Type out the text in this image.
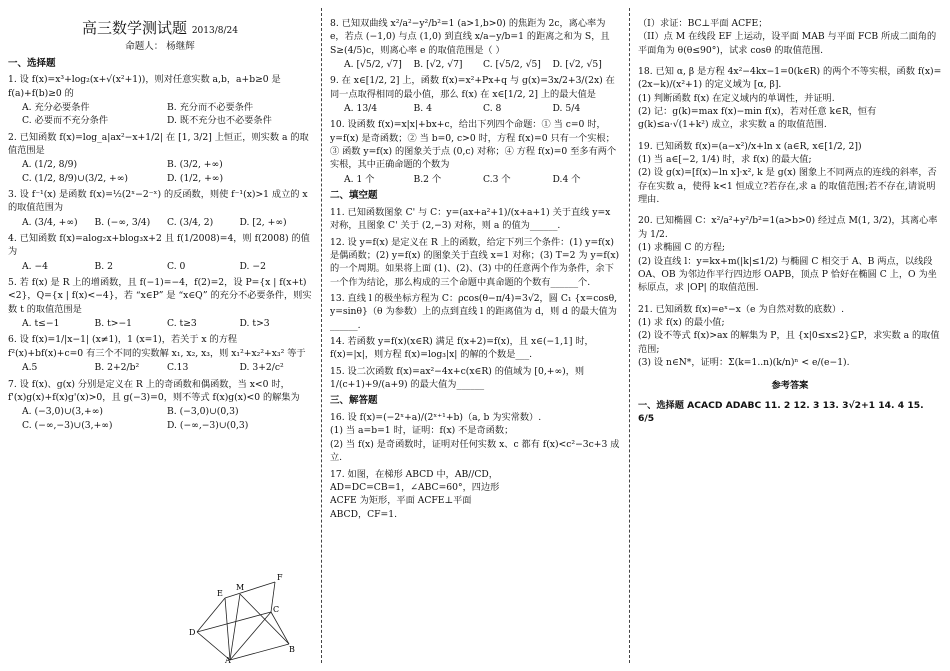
高三数学测试题 2013/8/24
命题人： 杨继辉
一、选择题
1. 设 f(x)=x³+log₂(x+√(x²+1))，则对任意实数 a,b，a+b≥0 是 f(a)+f(b)≥0 的
A. 充分必要条件	B. 充分而不必要条件
C. 必要而不充分条件	D. 既不充分也不必要条件
2. 已知函数 f(x)=log_a|ax²−x+1/2| 在 [1, 3/2] 上恒正，则实数 a 的取值范围是
A. (1/2, 8/9)	B. (3/2, +∞)
C. (1/2, 8/9)∪(3/2, +∞)	D. (1/2, +∞)
3. 设 f⁻¹(x) 是函数 f(x)=½(2ˣ−2⁻ˣ) 的反函数，则使 f⁻¹(x)>1 成立的 x 的取值范围为
A. (3/4, +∞)	B. (−∞, 3/4)	C. (3/4, 2)	D. [2, +∞)
4. 已知函数 f(x)=alog₂x+blog₃x+2 且 f(1/2008)=4，则 f(2008) 的值为
A. −4	B. 2	C. 0	D. −2
5. 若 f(x) 是 R 上的增函数，且 f(−1)=−4，f(2)=2，设 P={x | f(x+t)<2}，Q={x | f(x)<−4}，若 “x∈P” 是 “x∈Q” 的充分不必要条件，则实数 t 的取值范围是
A. t≤−1	B. t>−1	C. t≥3	D. t>3
6. 设 f(x)=1/|x−1| (x≠1)，1 (x=1)，若关于 x 的方程 f²(x)+bf(x)+c=0 有三个不同的实数解 x₁, x₂, x₃，则 x₁²+x₂²+x₃² 等于
A.5	B. 2+2/b²	C.13	D. 3+2/c²
7. 设 f(x)、g(x) 分别是定义在 R 上的奇函数和偶函数，当 x<0 时，f'(x)g(x)+f(x)g'(x)>0，且 g(−3)=0，则不等式 f(x)g(x)<0 的解集为
A. (−3,0)∪(3,+∞)	B. (−3,0)∪(0,3)
C. (−∞,−3)∪(3,+∞)	D. (−∞,−3)∪(0,3)
8. 已知双曲线 x²/a²−y²/b²=1 (a>1,b>0) 的焦距为 2c，离心率为 e，若点 (−1,0) 与点 (1,0) 到直线 x/a−y/b=1 的距离之和为 S，且 S≥(4/5)c，则离心率 e 的取值范围是（ ）
A. [√5/2, √7]	B. [√2, √7]	C. [√5/2, √5]	D. [√2, √5]
9. 在 x∈[1/2, 2] 上，函数 f(x)=x²+Px+q 与 g(x)=3x/2+3/(2x) 在同一点取得相同的最小值，那么 f(x) 在 x∈[1/2, 2] 上的最大值是
A. 13/4	B. 4	C. 8	D. 5/4
10. 设函数 f(x)=x|x|+bx+c，给出下列四个命题：① 当 c=0 时，y=f(x) 是奇函数；② 当 b=0, c>0 时，方程 f(x)=0 只有一个实根；③ 函数 y=f(x) 的图象关于点 (0,c) 对称；④ 方程 f(x)=0 至多有两个实根，其中正确命题的个数为
A. 1 个	B.2 个	C.3 个	D.4 个
二、填空题
11. 已知函数图象 C' 与 C：y=(ax+a²+1)/(x+a+1) 关于直线 y=x 对称，且图象 C' 关于 (2,−3) 对称，则 a 的值为______.
12. 设 y=f(x) 是定义在 R 上的函数，给定下列三个条件：(1) y=f(x) 是偶函数；(2) y=f(x) 的图象关于直线 x=1 对称；(3) T=2 为 y=f(x) 的一个周期。如果将上面 (1)、(2)、(3) 中的任意两个作为条件，余下一个作为结论，那么构成的三个命题中真命题的个数有______个.
13. 直线 l 的极坐标方程为 C：ρcos(θ−π/4)=3√2，圆 C₁ {x=cosθ, y=sinθ}（θ 为参数）上的点到直线 l 的距离值为 d，则 d 的最大值为______.
14. 若函数 y=f(x)(x∈R) 满足 f(x+2)=f(x)，且 x∈(−1,1] 时，f(x)=|x|，则方程 f(x)=log₃|x| 的解的个数是___.
15. 设二次函数 f(x)=ax²−4x+c(x∈R) 的值域为 [0,+∞)，则 1/(c+1)+9/(a+9) 的最大值为______
三、解答题
16. 设 f(x)=(−2ˣ+a)/(2ˣ⁺¹+b)（a, b 为实常数）.
(1) 当 a=b=1 时，证明：f(x) 不是奇函数；
(2) 当 f(x) 是奇函数时，证明对任何实数 x、c 都有 f(x)<c²−3c+3 成立.
17. 如图，在梯形 ABCD 中，AB//CD，AD=DC=CB=1，∠ABC=60°，四边形 ACFE 为矩形，平面 ACFE⊥平面 ABCD，CF=1.
M
F
E
D
C
A
B
（I）求证：BC⊥平面 ACFE；
（II）点 M 在线段 EF 上运动，设平面 MAB 与平面 FCB 所成二面角的平面角为 θ(θ≤90°)，试求 cosθ 的取值范围.
18. 已知 α, β 是方程 4x²−4kx−1=0(k∈R) 的两个不等实根，函数 f(x)=(2x−k)/(x²+1) 的定义域为 [α, β].
(1) 判断函数 f(x) 在定义域内的单调性，并证明.
(2) 记：g(k)=max f(x)−min f(x)，若对任意 k∈R，恒有 g(k)≤a·√(1+k²) 成立，求实数 a 的取值范围.
19. 已知函数 f(x)=(a−x²)/x+ln x (a∈R, x∈[1/2, 2])
(1) 当 a∈[−2, 1/4) 时，求 f(x) 的最大值;
(2) 设 g(x)=[f(x)−ln x]·x², k 是 g(x) 图象上不同两点的连线的斜率，否存在实数 a，使得 k<1 恒成立?若存在,求 a 的取值范围;若不存在,请说明理由.
20. 已知椭圆 C：x²/a²+y²/b²=1(a>b>0) 经过点 M(1, 3/2)，其离心率为 1/2.
(1) 求椭圆 C 的方程;
(2) 设直线 l：y=kx+m(|k|≤1/2) 与椭圆 C 相交于 A、B 两点，以线段 OA、OB 为邻边作平行四边形 OAPB，顶点 P 恰好在椭圆 C 上，O 为坐标原点，求 |OP| 的取值范围.
21. 已知函数 f(x)=eˣ−x（e 为自然对数的底数）.
(1) 求 f(x) 的最小值;
(2) 设不等式 f(x)>ax 的解集为 P，且 {x|0≤x≤2}⊆P，求实数 a 的取值范围;
(3) 设 n∈N*，证明：Σ(k=1..n)(k/n)ⁿ < e/(e−1).
参考答案
一、选择题 ACACD ADABC 11. 2 12. 3 13. 3√2+1 14. 4 15. 6/5
